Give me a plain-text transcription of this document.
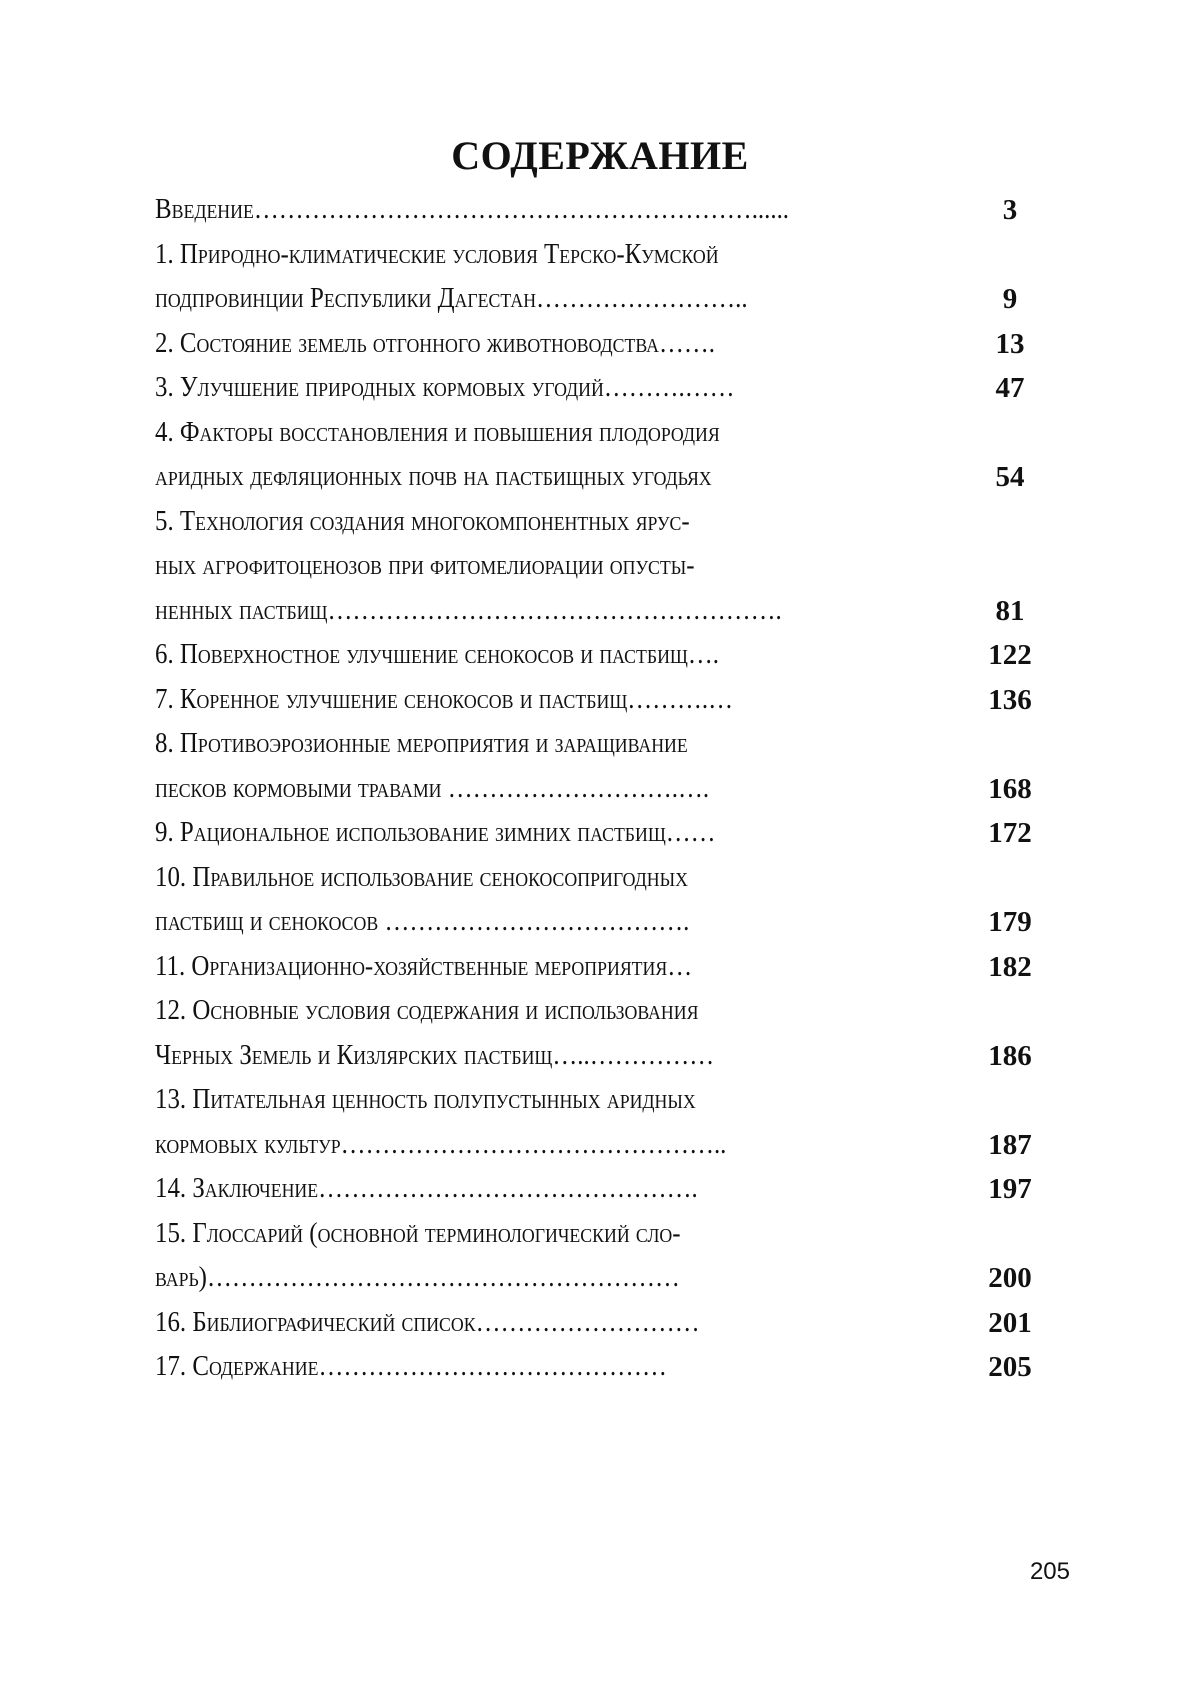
СОДЕРЖАНИЕ
Введение……………………………………………………......	3
1. Природно-климатические условия Терско-Кумской
подпровинции Республики Дагестан……………………..	9
2. Состояние земель отгонного животноводства…….	13
3. Улучшение природных кормовых угодий……….……	47
4. Факторы восстановления и повышения плодородия
аридных дефляционных почв на пастбищных угодьях	54
5. Технология создания многокомпонентных ярус-
ных агрофитоценозов при фитомелиорации опусты-
ненных пастбищ……………………………………………….	81
6. Поверхностное улучшение сенокосов и пастбищ….	122
7. Коренное улучшение сенокосов и пастбищ……….…	136
8. Противоэрозионные мероприятия и заращивание
песков кормовыми травами ……………………….….	168
9. Рациональное использование зимних пастбищ……	172
10. Правильное использование сенокосопригодных
пастбищ и сенокосов ……………………………….	179
11. Организационно-хозяйственные мероприятия…	182
12. Основные условия содержания и использования
Черных Земель и Кизлярских пастбищ…..……………	186
13. Питательная ценность полупустынных аридных
кормовых культур………………………………………..	187
14. Заключение……………………………………….	197
15. Глоссарий (основной терминологический сло-
варь)…………………………………………………	200
16. Библиографический список………………………	201
17. Содержание……………………………………	205
205
